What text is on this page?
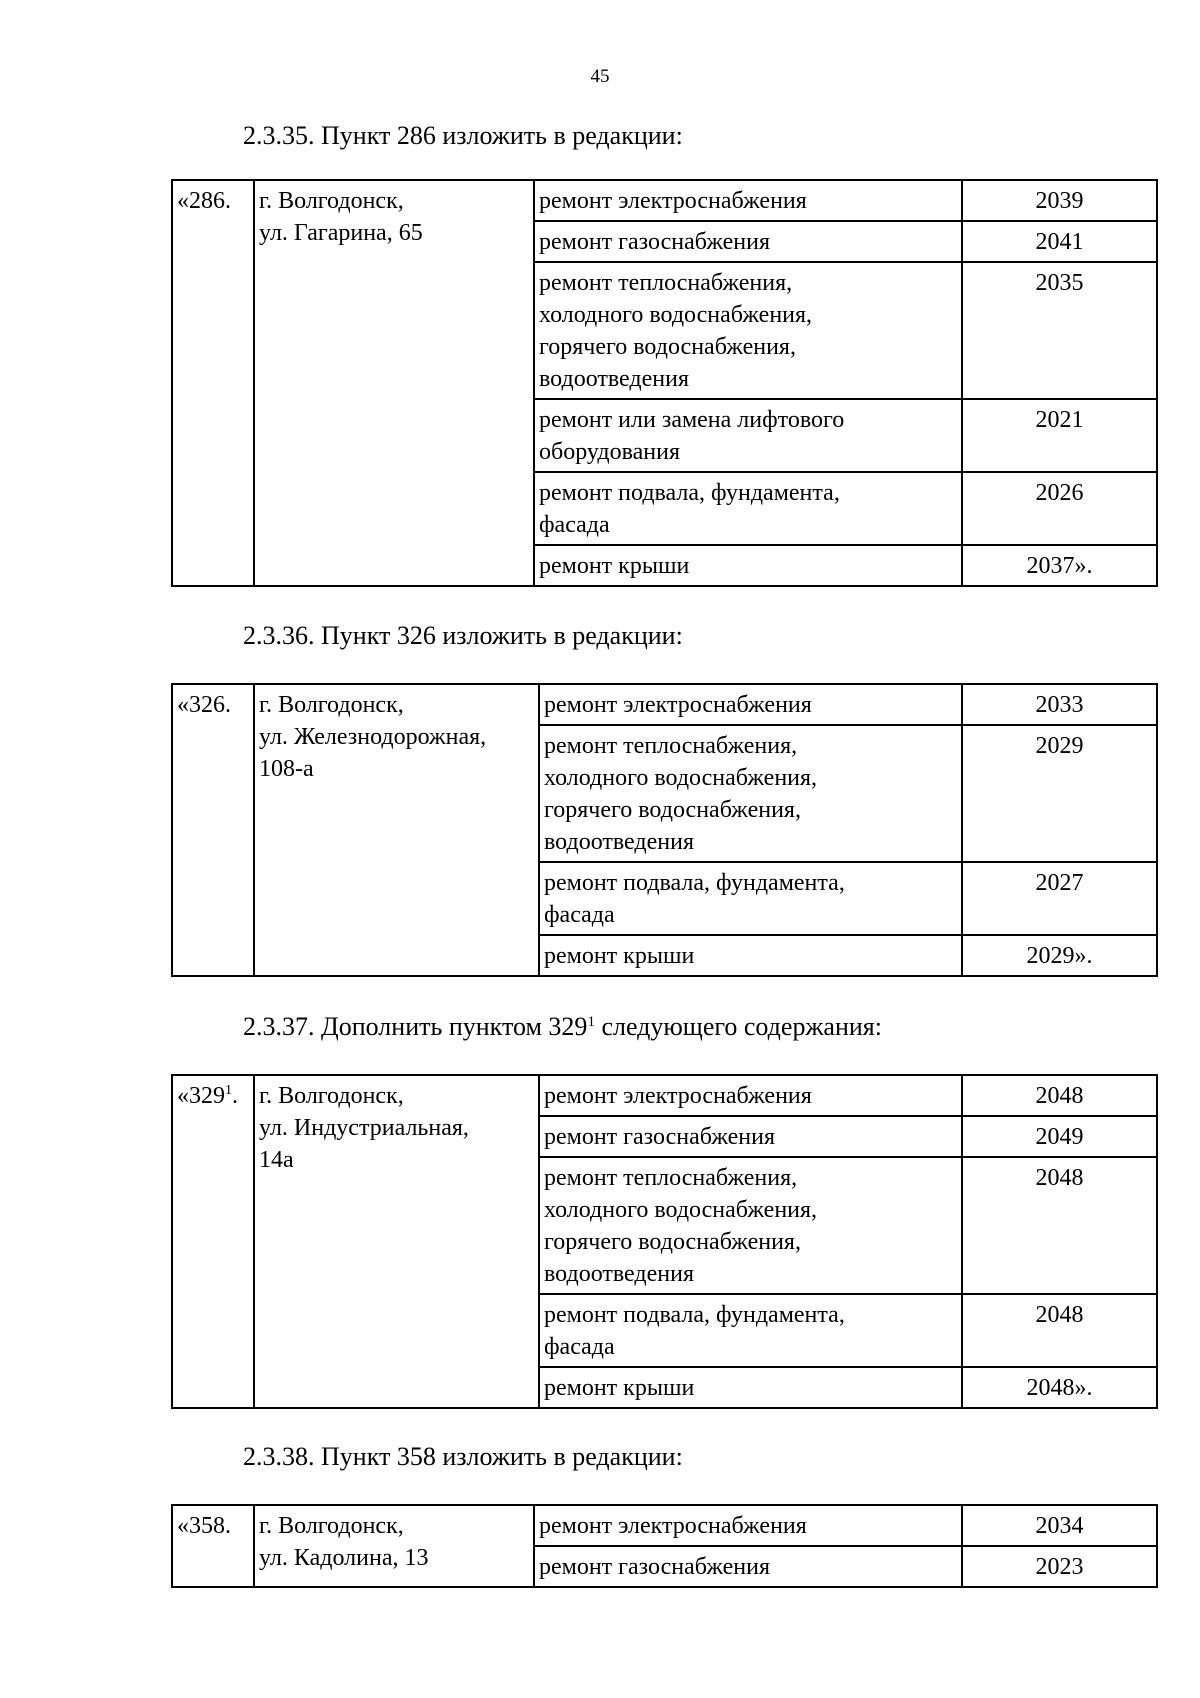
45
2.3.35. Пункт 286 изложить в редакции:
«286.	г. Волгодонск,
ул. Гагарина, 65	ремонт электроснабжения	2039

		ремонт газоснабжения	2041

		ремонт теплоснабжения,
холодного водоснабжения,
горячего водоснабжения,
водоотведения	2035

		ремонт или замена лифтового
оборудования	2021

		ремонт подвала, фундамента,
фасада	2026

		ремонт крыши	2037».
2.3.36. Пункт 326 изложить в редакции:
«326.	г. Волгодонск,
ул. Железнодорожная,
108-а	ремонт электроснабжения	2033

		ремонт теплоснабжения,
холодного водоснабжения,
горячего водоснабжения,
водоотведения	2029

		ремонт подвала, фундамента,
фасада	2027

		ремонт крыши	2029».
2.3.37. Дополнить пунктом $329^1$ следующего содержания:
«$329^1$.	г. Волгодонск,
ул. Индустриальная,
14а	ремонт электроснабжения	2048

		ремонт газоснабжения	2049

		ремонт теплоснабжения,
холодного водоснабжения,
горячего водоснабжения,
водоотведения	2048

		ремонт подвала, фундамента,
фасада	2048

		ремонт крыши	2048».
2.3.38. Пункт 358 изложить в редакции:
«358.	г. Волгодонск,
ул. Кадолина, 13	ремонт электроснабжения	2034

		ремонт газоснабжения	2023
